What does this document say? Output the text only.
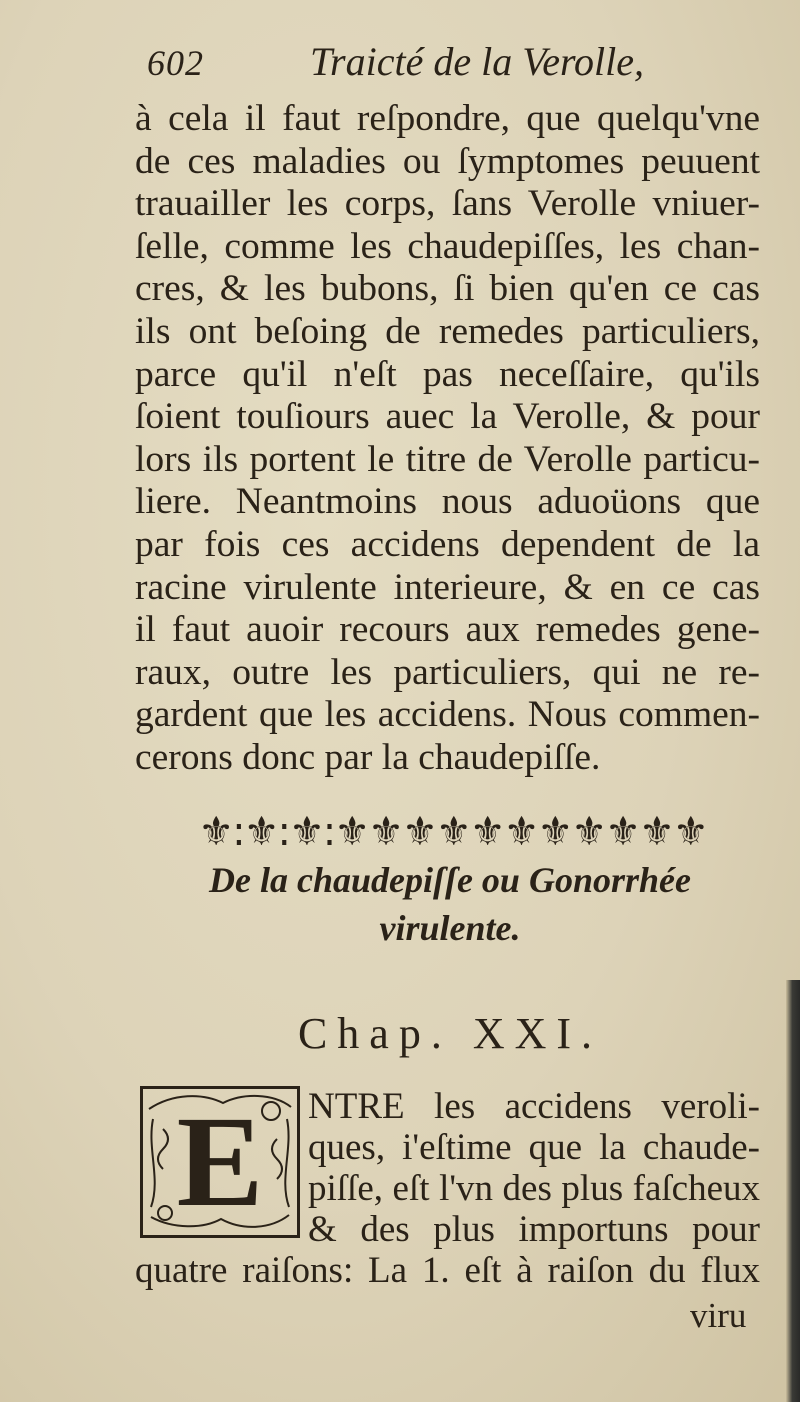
602	Traicté de la Verolle,
à cela il faut reſpondre, que quelqu'vne
de ces maladies ou ſymptomes peuuent
trauailler les corps, ſans Verolle vniuer-
ſelle, comme les chaudepiſſes, les chan-
cres, & les bubons, ſi bien qu'en ce cas
ils ont beſoing de remedes particuliers,
parce qu'il n'eſt pas neceſſaire, qu'ils
ſoient touſiours auec la Verolle, & pour
lors ils portent le titre de Verolle particu-
liere. Neantmoins nous aduoüons que
par fois ces accidens dependent de la
racine virulente interieure, & en ce cas
il faut auoir recours aux remedes gene-
raux, outre les particuliers, qui ne re-
gardent que les accidens. Nous commen-
cerons donc par la chaudepiſſe.
⚜:⚜:⚜:⚜⚜⚜⚜⚜⚜⚜⚜⚜⚜⚜
De la chaudepiſſe ou Gonorrhée
virulente.
Chap. XXI.
E	NTRE les accidens veroli-
ques, i'eſtime que la chaude-
piſſe, eſt l'vn des plus faſcheux
& des plus importuns pour
quatre raiſons: La 1. eſt à raiſon du flux
viru
